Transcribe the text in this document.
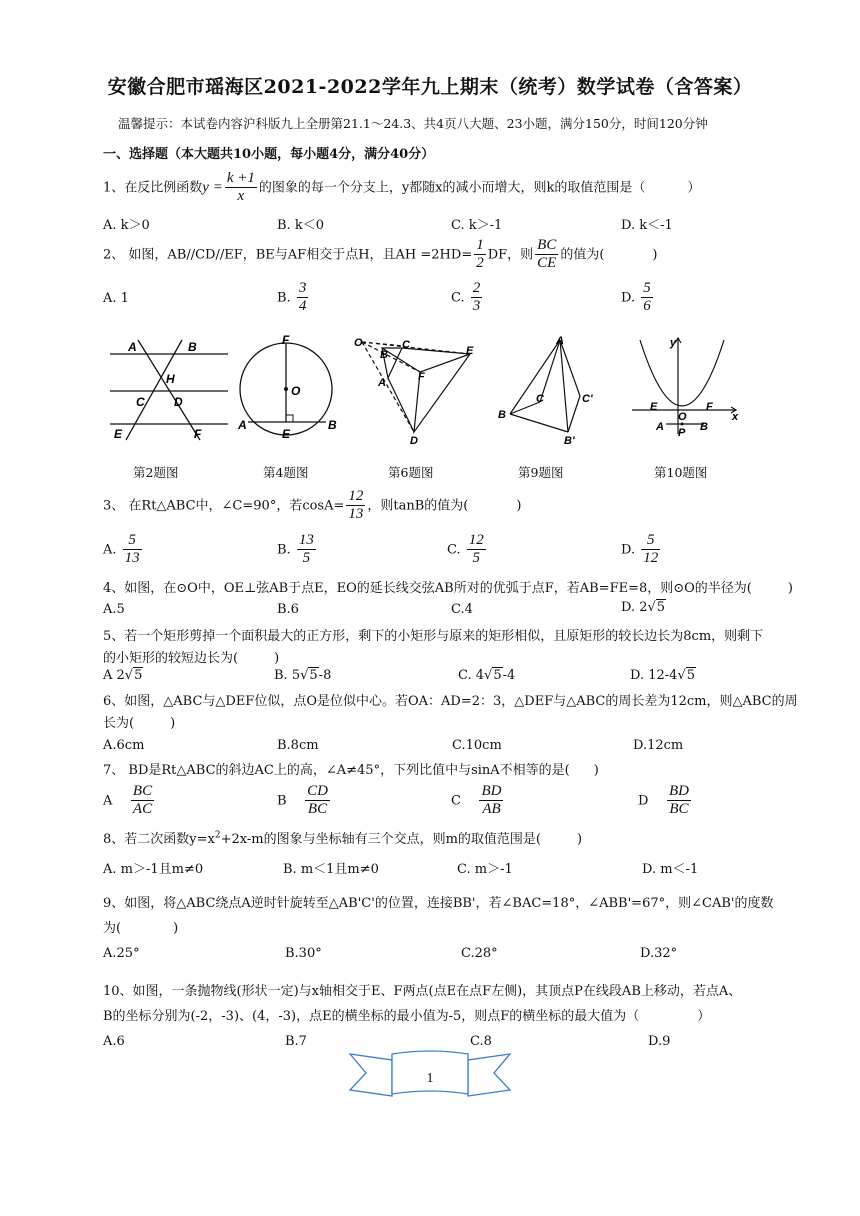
安徽合肥市瑶海区2021-2022学年九上期末（统考）数学试卷（含答案）
温馨提示：本试卷内容沪科版九上全册第21.1～24.3、共4页八大题、23小题，满分150分，时间120分钟
一、选择题（本大题共10小题，每小题4分，满分40分）
1、在反比例函数$y = \frac{k +1}{x}$ 的图象的每一个分支上，y都随x的减小而增大，则k的取值范围是（	）
A. k＞0	B. k＜0	C. k＞-1	D. k＜-1
2、 如图，AB//CD//EF，BE与AF相交于点H，且AH $=2HD= \frac{1}{2}$ DF，则 $\frac{BC}{CE}$ 的值为(	)
A. 1	B. $\frac{3}{4}$	C. $\frac{2}{3}$	D. $\frac{5}{6}$
A	B
H
C D
E	F
F
O
A
E
B
O
B
C
A	F
E
D
A
B
C	C'
B'
y
E
O
F
x
A P B
第2题图	第4题图	第6题图	第9题图	第10题图
3、 在Rt△ABC中，∠C=90°，若$\cos A= \frac{12}{13}$ ，则tanB的值为(	)
A. $\frac{5}{13}$	B. $\frac{13}{5}$	C. $\frac{12}{5}$	D. $\frac{5}{12}$
4、如图，在⊙O中，OE⊥弦AB于点E，EO的延长线交弦AB所对的优弧于点F，若AB=FE=8，则⊙O的半径为(	)
A.5	B.6	C.4	D. 2√5
5、若一个矩形剪掉一个面积最大的正方形，剩下的小矩形与原来的矩形相似，且原矩形的较长边长为8cm，则剩下
的小矩形的较短边长为(	)
A 2√5	B. 5√5-8	C. 4√5-4	D. 12-4√5
6、如图，△ABC与△DEF位似，点O是位似中心。若OA：AD=2：3，△DEF与△ABC的周长差为12cm，则△ABC的周
长为(	)
A.6cm	B.8cm	C.10cm	D.12cm
7、 BD是Rt△ABC的斜边AC上的高，∠A≠45°，下列比值中与sinA不相等的是( )
A $\frac{BC}{AC}$	B $\frac{CD}{BC}$	C $\frac{BD}{AB}$	D $\frac{BD}{BC}$
8、若二次函数$y=x^2+2x-m$的图象与坐标轴有三个交点，则m的取值范围是(	)
A. m＞-1且m≠0	B. m＜1且m≠0	C. m＞-1	D. m＜-1
9、如图，将△ABC绕点A逆时针旋转至△AB'C'的位置，连接BB'，若∠BAC=18°，∠ABB'=67°，则∠CAB'的度数
为(	)
A.25°	B.30°	C.28°	D.32°
10、如图，一条抛物线(形状一定)与x轴相交于E、F两点(点E在点F左侧)，其顶点P在线段AB上移动，若点A、
B的坐标分别为(-2，-3)、(4，-3)，点E的横坐标的最小值为-5，则点F的横坐标的最大值为（	）
A.6	B.7	C.8	D.9
1
